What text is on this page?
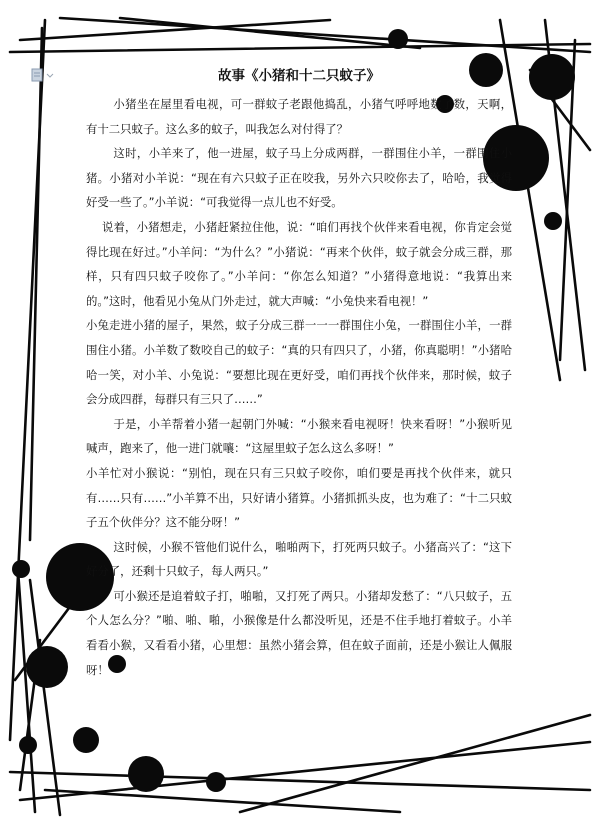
故事《小猪和十二只蚊子》

小猪坐在屋里看电视，可一群蚊子老跟他捣乱，小猪气呼呼地数了数，天啊，有十二只蚊子。这么多的蚊子，叫我怎么对付得了？

这时，小羊来了，他一进屋，蚊子马上分成两群，一群围住小羊，一群围住小猪。小猪对小羊说：“现在有六只蚊子正在咬我，另外六只咬你去了，哈哈，我觉得好受一些了。”小羊说：“可我觉得一点儿也不好受。

说着，小猪想走，小猪赶紧拉住他，说：“咱们再找个伙伴来看电视，你肯定会觉得比现在好过。”小羊问：“为什么？”小猪说：“再来个伙伴，蚊子就会分成三群，那样，只有四只蚊子咬你了。”小羊问：“你怎么知道？”小猪得意地说：“我算出来的。”这时，他看见小兔从门外走过，就大声喊：“小兔快来看电视！”

小兔走进小猪的屋子，果然，蚊子分成三群一一一群围住小兔，一群围住小羊，一群围住小猪。小羊数了数咬自己的蚊子：“真的只有四只了，小猪，你真聪明！”小猪哈哈一笑，对小羊、小兔说：“要想比现在更好受，咱们再找个伙伴来，那时候，蚊子会分成四群，每群只有三只了……”

于是，小羊帮着小猪一起朝门外喊：“小猴来看电视呀！快来看呀！”小猴听见喊声，跑来了，他一进门就嚷：“这屋里蚊子怎么这么多呀！”

小羊忙对小猴说：“别怕，现在只有三只蚊子咬你，咱们要是再找个伙伴来，就只有……只有……”小羊算不出，只好请小猪算。小猪抓抓头皮，也为难了：“十二只蚊子五个伙伴分？这不能分呀！”

这时候，小猴不管他们说什么，啪啪两下，打死两只蚊子。小猪高兴了：“这下好分了，还剩十只蚊子，每人两只。”

可小猴还是追着蚊子打，啪啪，又打死了两只。小猪却发愁了：“八只蚊子，五个人怎么分？”啪、啪、啪，小猴像是什么都没听见，还是不住手地打着蚊子。小羊看看小猴，又看看小猪，心里想：虽然小猪会算，但在蚊子面前，还是小猴让人佩服呀！
